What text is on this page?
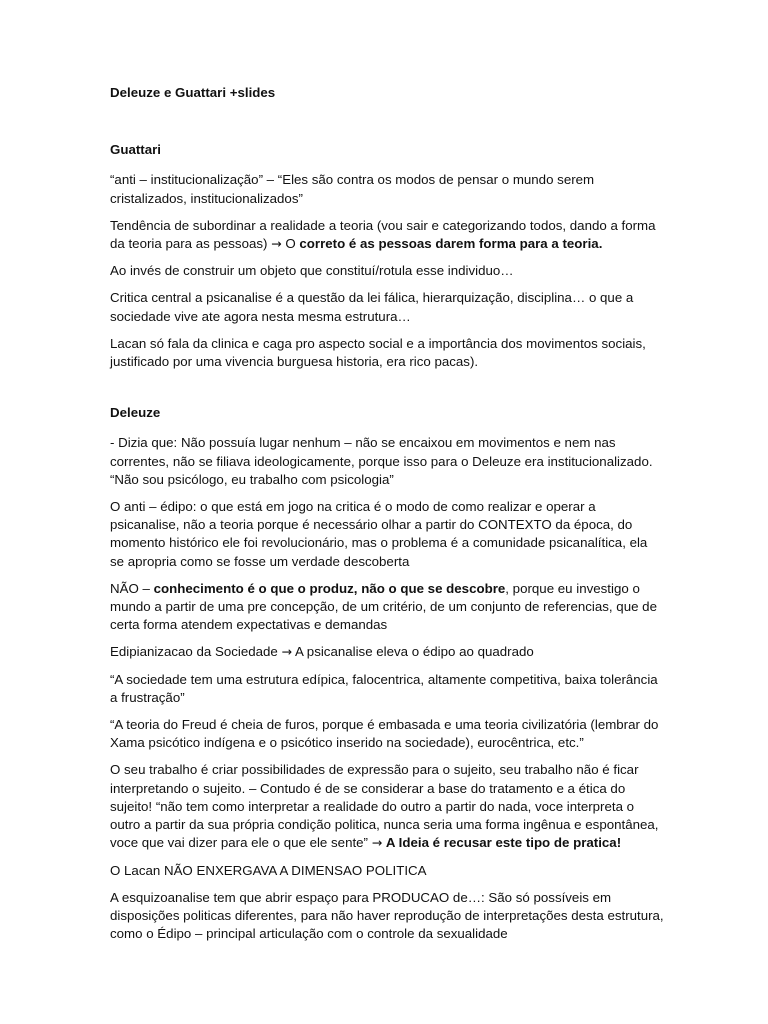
Deleuze e Guattari +slides

Guattari

“anti – institucionalização” – “Eles são contra os modos de pensar o mundo serem cristalizados, institucionalizados”

Tendência de subordinar a realidade a teoria (vou sair e categorizando todos, dando a forma da teoria para as pessoas) → O correto é as pessoas darem forma para a teoria.

Ao invés de construir um objeto que constituí/rotula esse individuo…

Critica central a psicanalise é a questão da lei fálica, hierarquização, disciplina… o que a sociedade vive ate agora nesta mesma estrutura…

Lacan só fala da clinica e caga pro aspecto social e a importância dos movimentos sociais, justificado por uma vivencia burguesa historia, era rico pacas).

Deleuze

- Dizia que: Não possuía lugar nenhum – não se encaixou em movimentos e nem nas correntes, não se filiava ideologicamente, porque isso para o Deleuze era institucionalizado. “Não sou psicólogo, eu trabalho com psicologia”

O anti – édipo: o que está em jogo na critica é o modo de como realizar e operar a psicanalise, não a teoria porque é necessário olhar a partir do CONTEXTO da época, do momento histórico ele foi revolucionário, mas o problema é a comunidade psicanalítica, ela se apropria como se fosse um verdade descoberta

NÃO – conhecimento é o que o produz, não o que se descobre, porque eu investigo o mundo a partir de uma pre concepção, de um critério, de um conjunto de referencias, que de certa forma atendem expectativas e demandas

Edipianizacao da Sociedade → A psicanalise eleva o édipo ao quadrado

“A sociedade tem uma estrutura edípica, falocentrica, altamente competitiva, baixa tolerância a frustração”

“A teoria do Freud é cheia de furos, porque é embasada e uma teoria civilizatória (lembrar do Xama psicótico indígena e o psicótico inserido na sociedade), eurocêntrica, etc.”

O seu trabalho é criar possibilidades de expressão para o sujeito, seu trabalho não é ficar interpretando o sujeito. – Contudo é de se considerar a base do tratamento e a ética do sujeito! “não tem como interpretar a realidade do outro a partir do nada, voce interpreta o outro a partir da sua própria condição politica, nunca seria uma forma ingênua e espontânea, voce que vai dizer para ele o que ele sente” → A Ideia é recusar este tipo de pratica!

O Lacan NÃO ENXERGAVA A DIMENSAO POLITICA

A esquizoanalise tem que abrir espaço para PRODUCAO de…: São só possíveis em disposições politicas diferentes, para não haver reprodução de interpretações desta estrutura, como o Édipo – principal articulação com o controle da sexualidade
